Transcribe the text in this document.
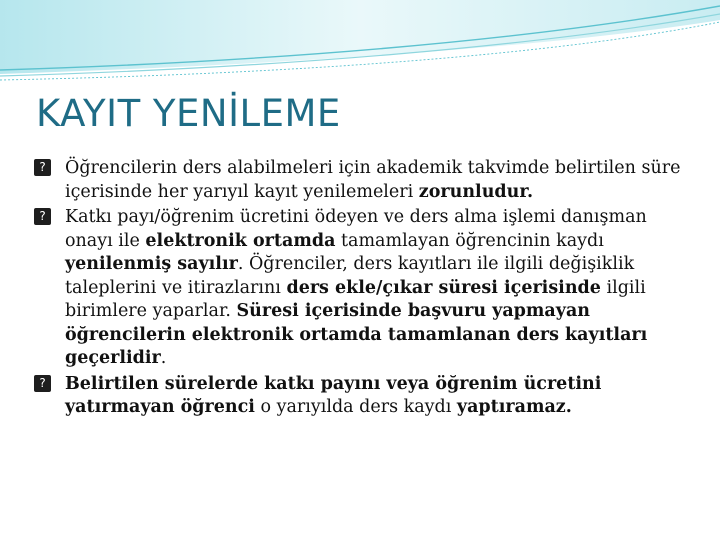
KAYIT YENİLEME
?	Öğrencilerin ders alabilmeleri için akademik takvimde belirtilen süre içerisinde her yarıyıl kayıt yenilemeleri zorunludur.
?	Katkı payı/öğrenim ücretini ödeyen ve ders alma işlemi danışman onayı ile elektronik ortamda tamamlayan öğrencinin kaydı yenilenmiş sayılır. Öğrenciler, ders kayıtları ile ilgili değişiklik taleplerini ve itirazlarını ders ekle/çıkar süresi içerisinde ilgili birimlere yaparlar. Süresi içerisinde başvuru yapmayan öğrencilerin elektronik ortamda tamamlanan ders kayıtları geçerlidir.
?	Belirtilen sürelerde katkı payını veya öğrenim ücretini yatırmayan öğrenci o yarıyılda ders kaydı yaptıramaz.
